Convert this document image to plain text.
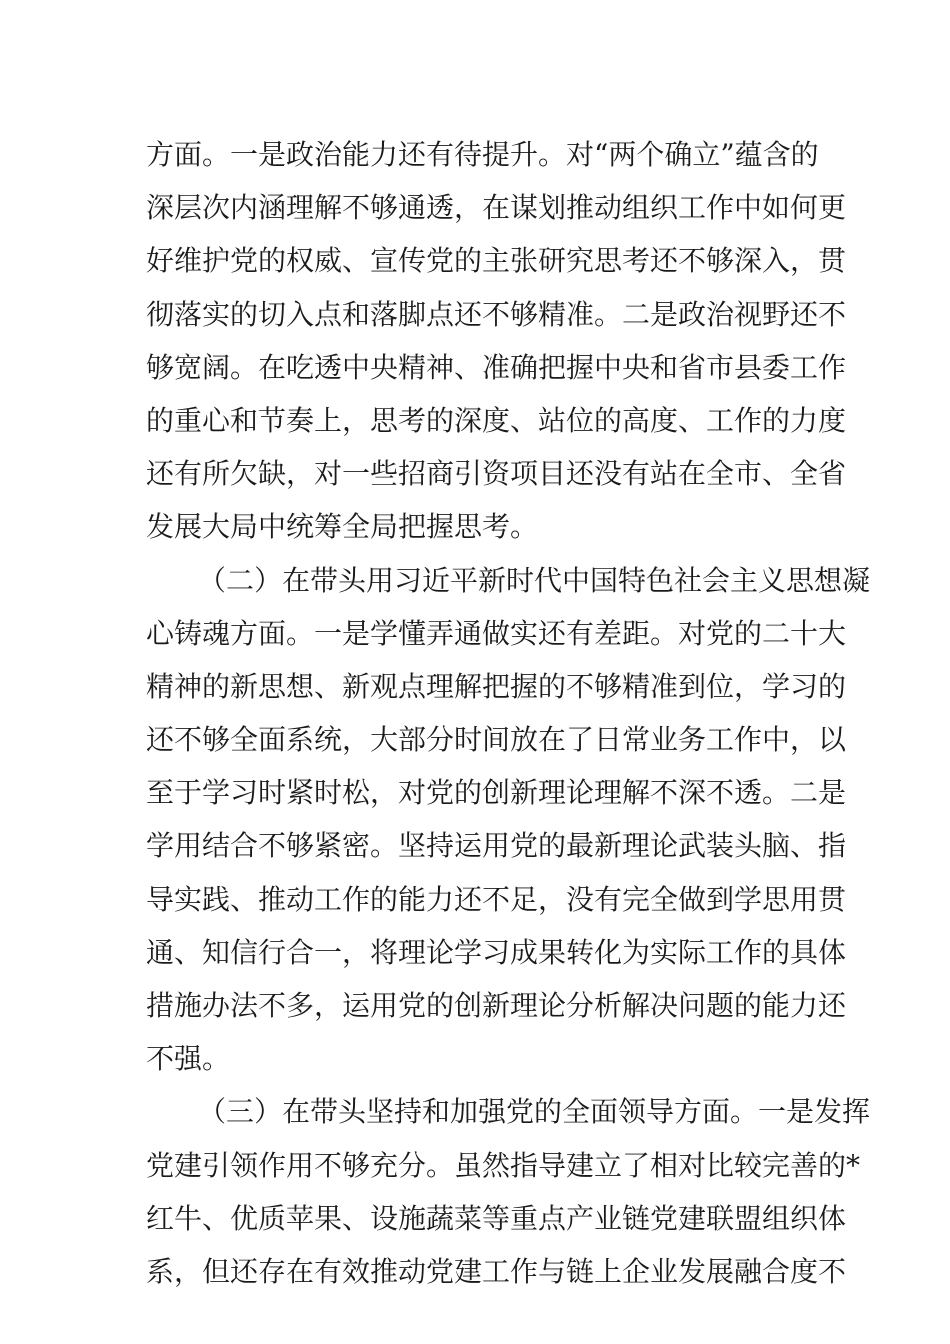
方面。一是政治能力还有待提升。对“两个确立”蕴含的
深层次内涵理解不够通透，在谋划推动组织工作中如何更
好维护党的权威、宣传党的主张研究思考还不够深入，贯
彻落实的切入点和落脚点还不够精准。二是政治视野还不
够宽阔。在吃透中央精神、准确把握中央和省市县委工作
的重心和节奏上，思考的深度、站位的高度、工作的力度
还有所欠缺，对一些招商引资项目还没有站在全市、全省
发展大局中统筹全局把握思考。
（二）在带头用习近平新时代中国特色社会主义思想凝
心铸魂方面。一是学懂弄通做实还有差距。对党的二十大
精神的新思想、新观点理解把握的不够精准到位，学习的
还不够全面系统，大部分时间放在了日常业务工作中，以
至于学习时紧时松，对党的创新理论理解不深不透。二是
学用结合不够紧密。坚持运用党的最新理论武装头脑、指
导实践、推动工作的能力还不足，没有完全做到学思用贯
通、知信行合一，将理论学习成果转化为实际工作的具体
措施办法不多，运用党的创新理论分析解决问题的能力还
不强。
（三）在带头坚持和加强党的全面领导方面。一是发挥
党建引领作用不够充分。虽然指导建立了相对比较完善的*
红牛、优质苹果、设施蔬菜等重点产业链党建联盟组织体
系，但还存在有效推动党建工作与链上企业发展融合度不
